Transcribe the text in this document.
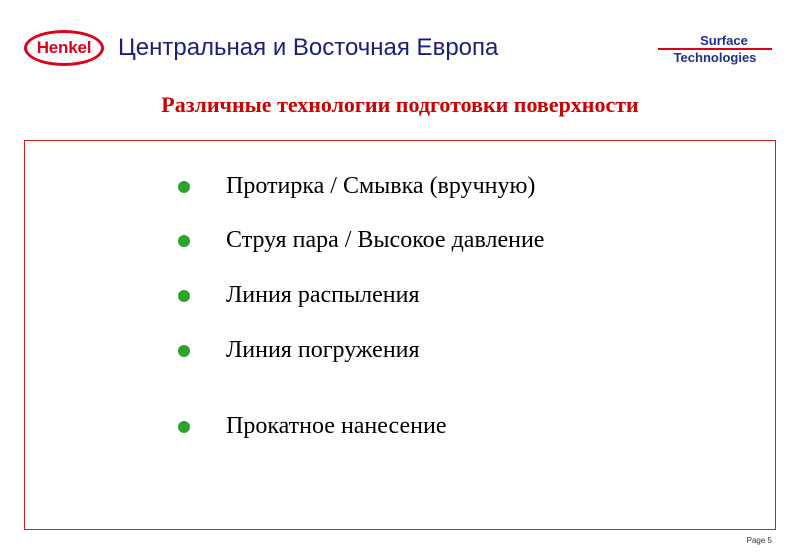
Henkel Центральная и Восточная Европа	Surface
Technologies
Различные технологии подготовки поверхности
Протирка / Смывка (вручную)
Струя пара / Высокое давление
Линия распыления
Линия погружения
Прокатное нанесение
Page 5
